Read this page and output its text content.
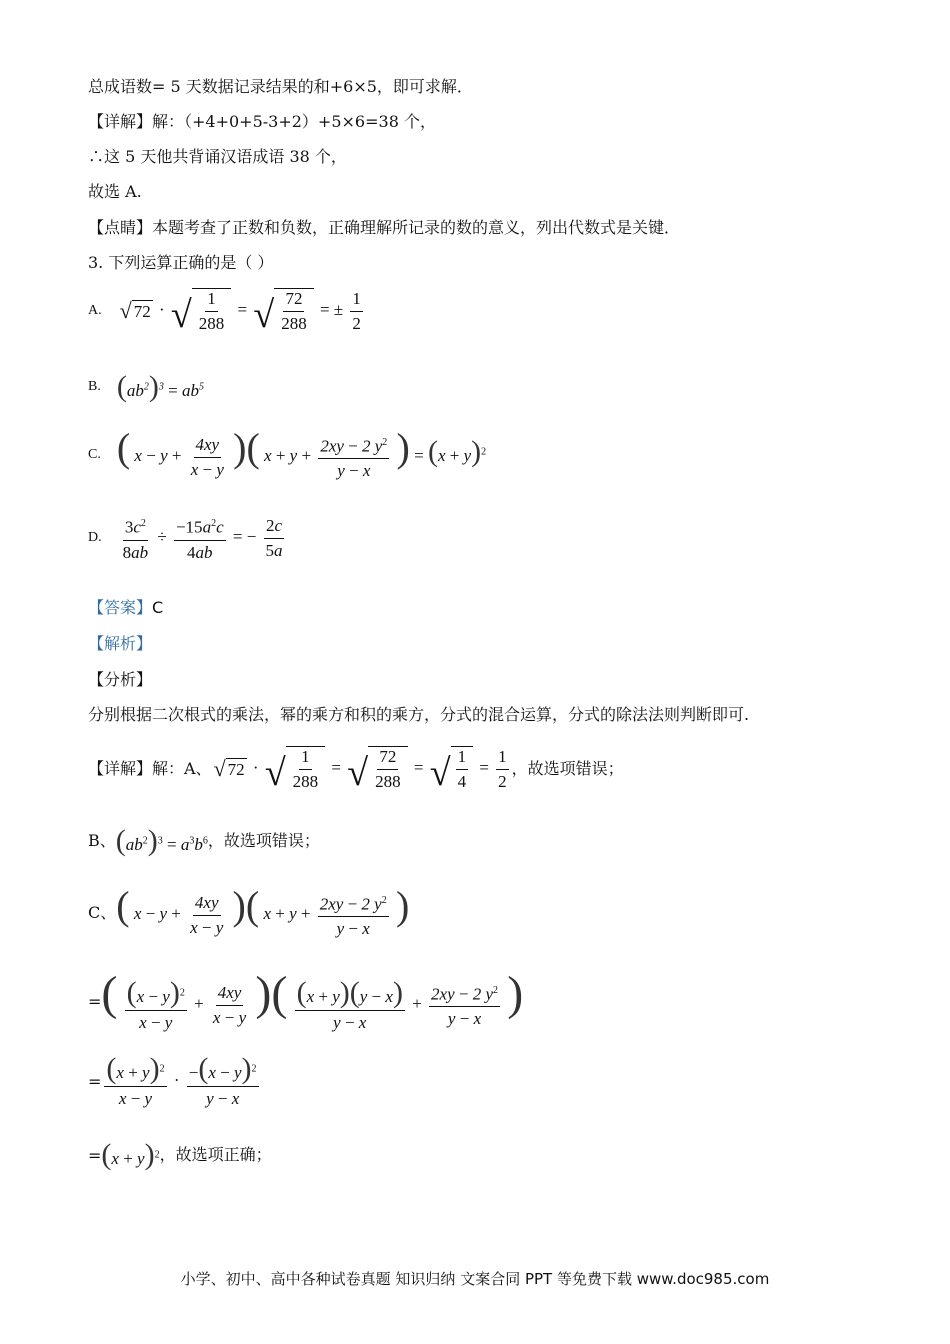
总成语数= 5 天数据记录结果的和+6×5，即可求解．
【详解】解：（+4+0+5-3+2）+5×6=38 个，
∴这 5 天他共背诵汉语成语 38 个，
故选 A.
【点睛】本题考查了正数和负数，正确理解所记录的数的意义，列出代数式是关键．
3. 下列运算正确的是（ ）
A. √ 72 · √ $\frac{1}{288}$ = √ $\frac{72}{288}$ = ± $\frac{1}{2}$
B. $(ab^2)^3 = ab^5$
C. ( $x - y + \frac{4xy}{x - y}$ )( $x + y + \frac{2xy - 2 y^2}{y - x}$ ) = $(x + y)^2$
D. $\frac{3c^2}{8ab} \div \frac{-15a^2c}{4ab}$ = − $\frac{2c}{5a}$
【答案】C
【解析】
【分析】
分别根据二次根式的乘法，幂的乘方和积的乘方，分式的混合运算，分式的除法法则判断即可.
【详解】解：A、 √ 72 · √ $\frac{1}{288}$ = √ $\frac{72}{288}$ = √ $\frac{1}{4} = \frac{1}{2}$ ，故选项错误；
B、 $(ab^2)^3 = a^3b^6$ ，故选项错误；
C、 ( $x - y + \frac{4xy}{x - y}$ )( $x + y + \frac{2xy - 2 y^2}{y - x}$ )
= ( $\frac{(x - y)^2}{x - y} + \frac{4xy}{x - y}$ )( $\frac{(x + y)(y - x)}{y - x} + \frac{2xy - 2 y^2}{y - x}$ )
= $\frac{(x + y)^2}{x - y} \cdot \frac{-(x - y)^2}{y - x}$
= $(x + y)^2$ ，故选项正确；
小学、初中、高中各种试卷真题 知识归纳 文案合同 PPT 等免费下载 www.doc985.com
